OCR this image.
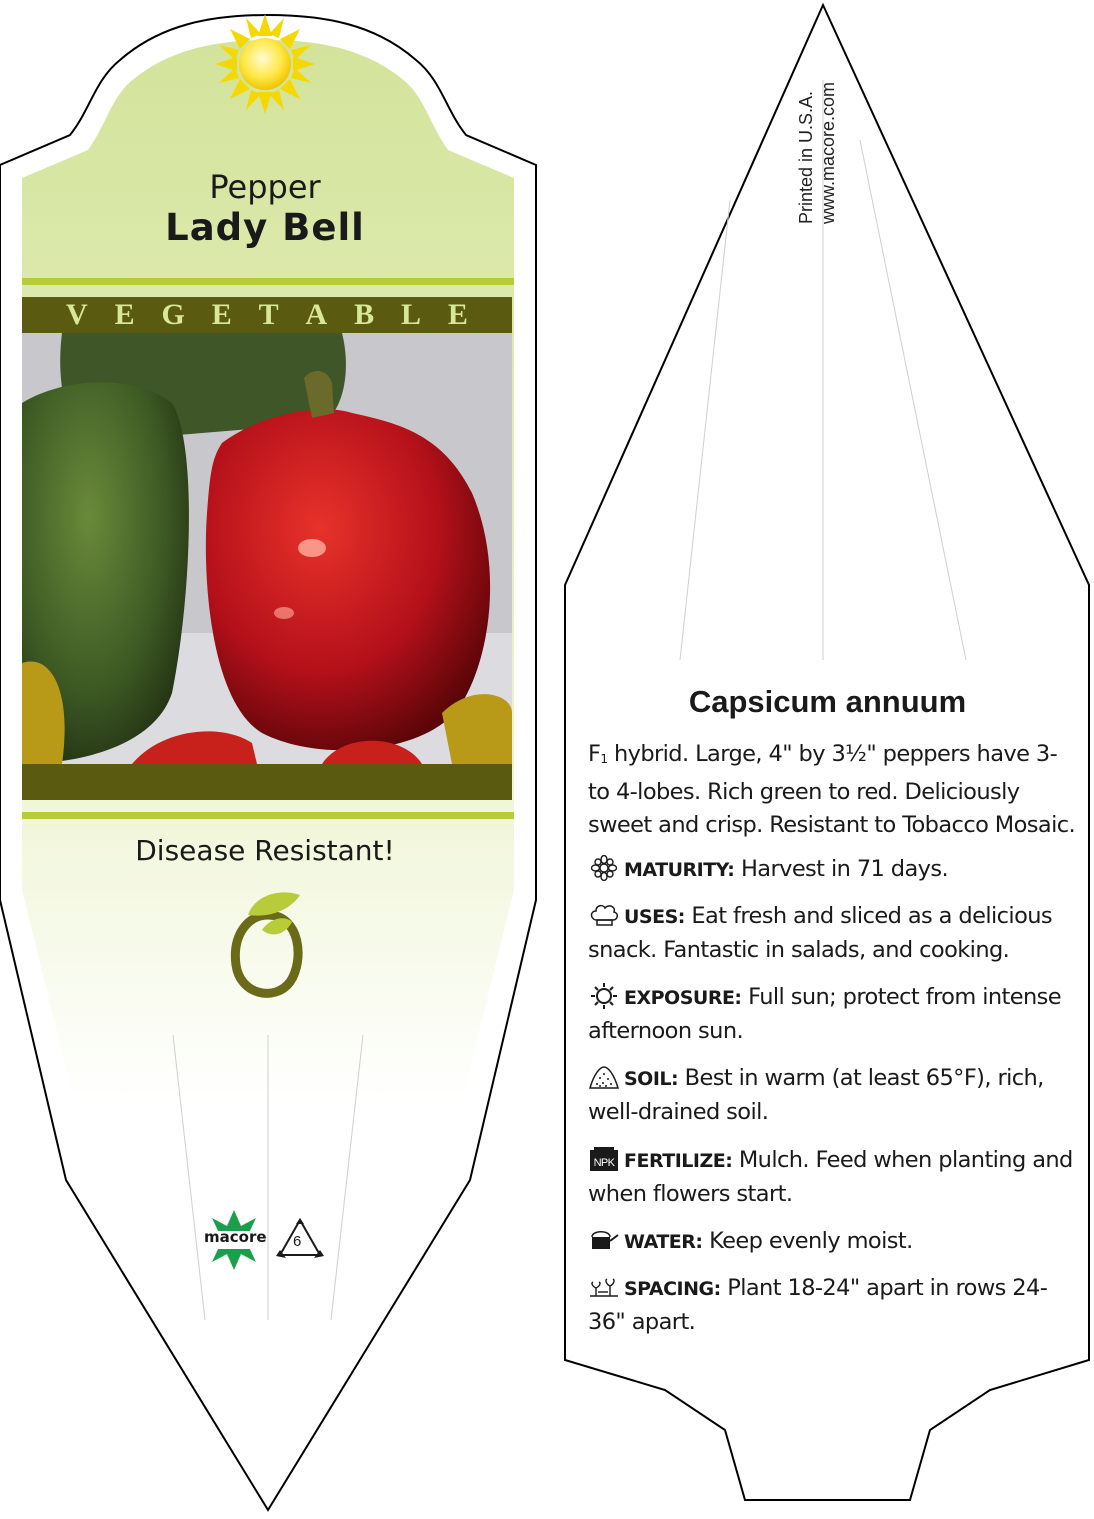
Pepper
Lady Bell
V E G E T A B L E
Disease Resistant!
macore 6
Printed in U.S.A. www.macore.com
Capsicum annuum
$F_1$ hybrid. Large, 4" by 3½" peppers have 3- to 4-lobes. Rich green to red. Deliciously sweet and crisp. Resistant to Tobacco Mosaic.
MATURITY: Harvest in 71 days.
USES: Eat fresh and sliced as a delicious snack. Fantastic in salads, and cooking.
EXPOSURE: Full sun; protect from intense afternoon sun.
SOIL: Best in warm (at least 65°F), rich, well-drained soil.
NPK FERTILIZE: Mulch. Feed when planting and when flowers start.
WATER: Keep evenly moist.
SPACING: Plant 18-24" apart in rows 24-36" apart.
